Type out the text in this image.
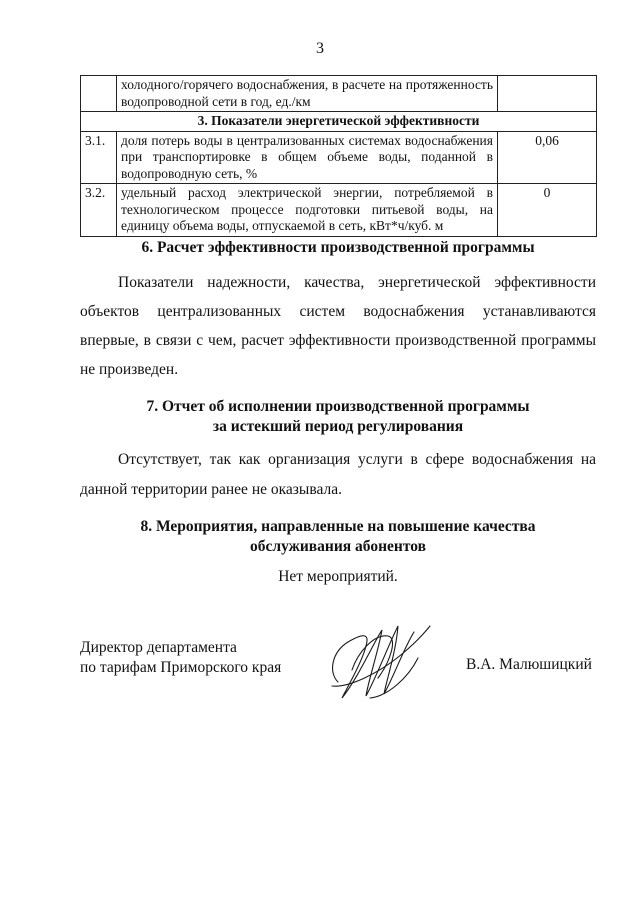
3
	холодного/горячего водоснабжения, в расчете на протяженность водопроводной сети в год, ед./км	
3. Показатели энергетической эффективности		
3.1.	доля потерь воды в централизованных системах водоснабжения при транспортировке в общем объеме воды, поданной в водопроводную сеть, %	0,06
3.2.	удельный расход электрической энергии, потребляемой в технологическом процессе подготовки питьевой воды, на единицу объема воды, отпускаемой в сеть, кВт*ч/куб. м	0
6. Расчет эффективности производственной программы
Показатели надежности, качества, энергетической эффективности объектов централизованных систем водоснабжения устанавливаются впервые, в связи с чем, расчет эффективности производственной программы не произведен.
7. Отчет об исполнении производственной программы
за истекший период регулирования
Отсутствует, так как организация услуги в сфере водоснабжения на данной территории ранее не оказывала.
8. Мероприятия, направленные на повышение качества
обслуживания абонентов
Нет мероприятий.
Директор департамента
по тарифам Приморского края	В.А. Малюшицкий
